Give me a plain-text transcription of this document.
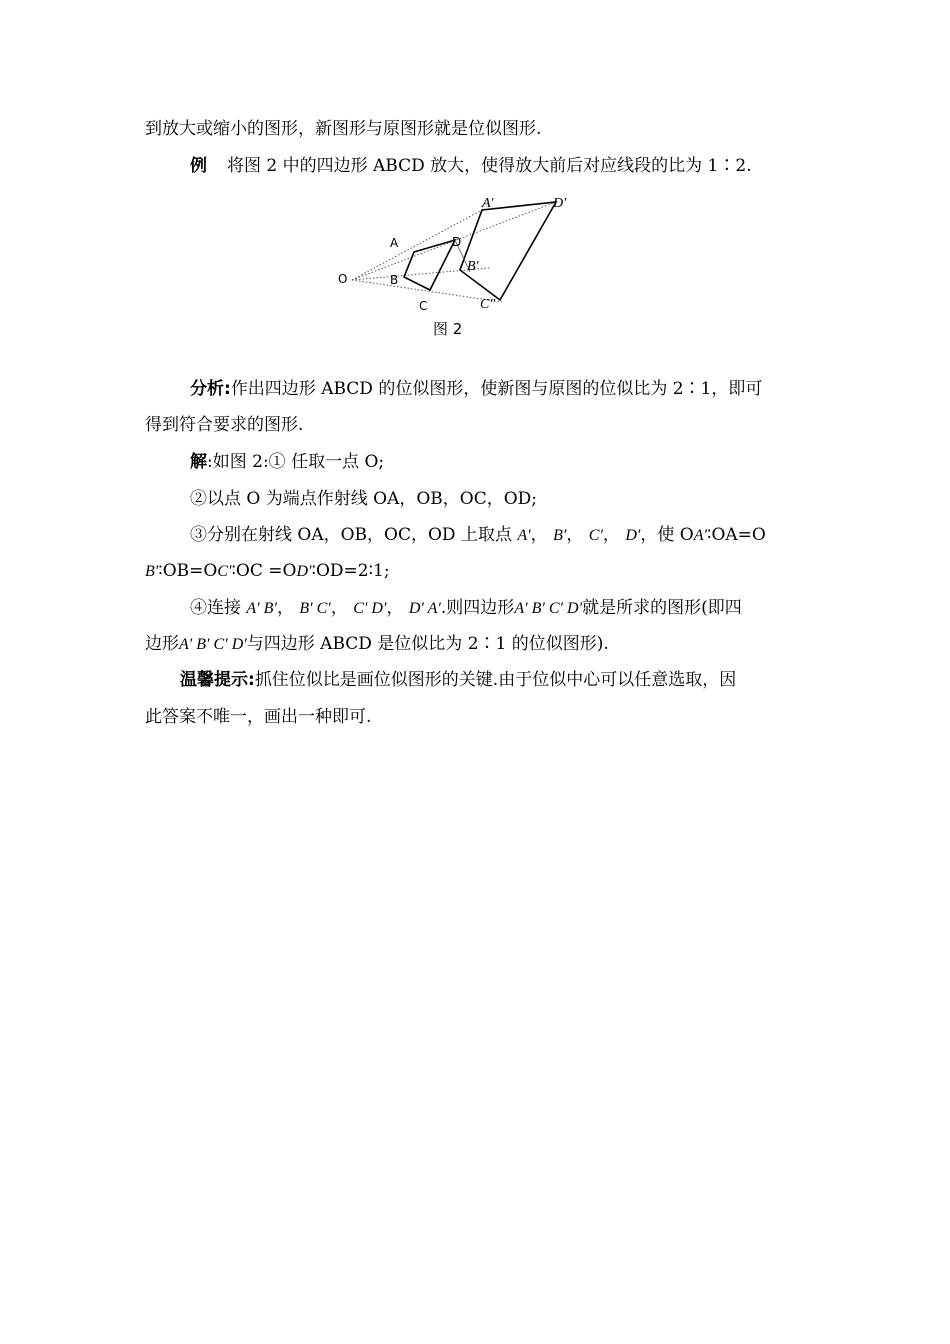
到放大或缩小的图形，新图形与原图形就是位似图形.
例 将图 2 中的四边形 ABCD 放大，使得放大前后对应线段的比为 1∶2.
O
A
B
C
D
A′
B′
C″
D′
图 2
分析:作出四边形 ABCD 的位似图形，使新图与原图的位似比为 2∶1，即可
得到符合要求的图形.
解:如图 2:① 任取一点 O;
②以点 O 为端点作射线 OA，OB，OC，OD;
③分别在射线 OA，OB，OC，OD 上取点 A′， B′， C′， D′，使 OA′∶OA=O
B′∶OB=OC′∶OC =OD′∶OD=2∶1;
④连接 A′ B′， B′ C′， C′ D′， D′ A′.则四边形A′ B′ C′ D′就是所求的图形(即四
边形A′ B′ C′ D′与四边形 ABCD 是位似比为 2∶1 的位似图形).
温馨提示:抓住位似比是画位似图形的关键.由于位似中心可以任意选取，因
此答案不唯一，画出一种即可.
